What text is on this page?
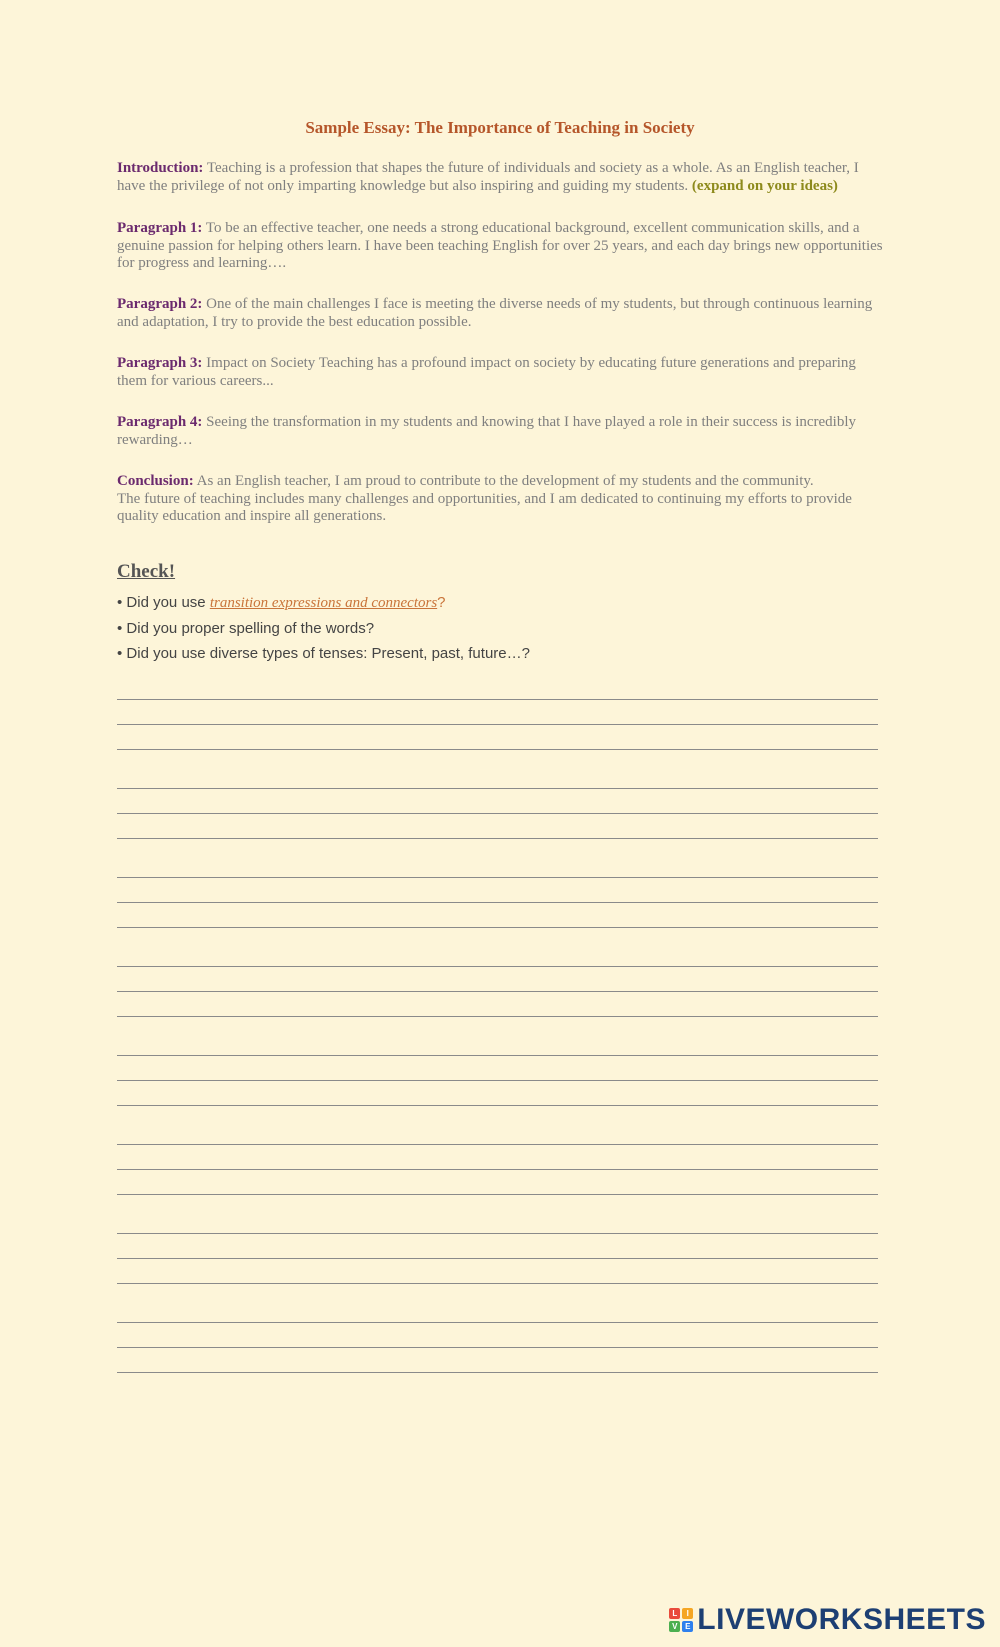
Sample Essay: The Importance of Teaching in Society
Introduction: Teaching is a profession that shapes the future of individuals and society as a whole. As an English teacher, I have the privilege of not only imparting knowledge but also inspiring and guiding my students. (expand on your ideas)
Paragraph 1: To be an effective teacher, one needs a strong educational background, excellent communication skills, and a genuine passion for helping others learn. I have been teaching English for over 25 years, and each day brings new opportunities for progress and learning….
Paragraph 2: One of the main challenges I face is meeting the diverse needs of my students, but through continuous learning and adaptation, I try to provide the best education possible.
Paragraph 3: Impact on Society Teaching has a profound impact on society by educating future generations and preparing them for various careers...
Paragraph 4: Seeing the transformation in my students and knowing that I have played a role in their success is incredibly rewarding…
Conclusion: As an English teacher, I am proud to contribute to the development of my students and the community.
The future of teaching includes many challenges and opportunities, and I am dedicated to continuing my efforts to provide quality education and inspire all generations.
Check!
• Did you use transition expressions and connectors?
• Did you proper spelling of the words?
• Did you use diverse types of tenses: Present, past, future…?
L	I
V E LIVEWORKSHEETS
